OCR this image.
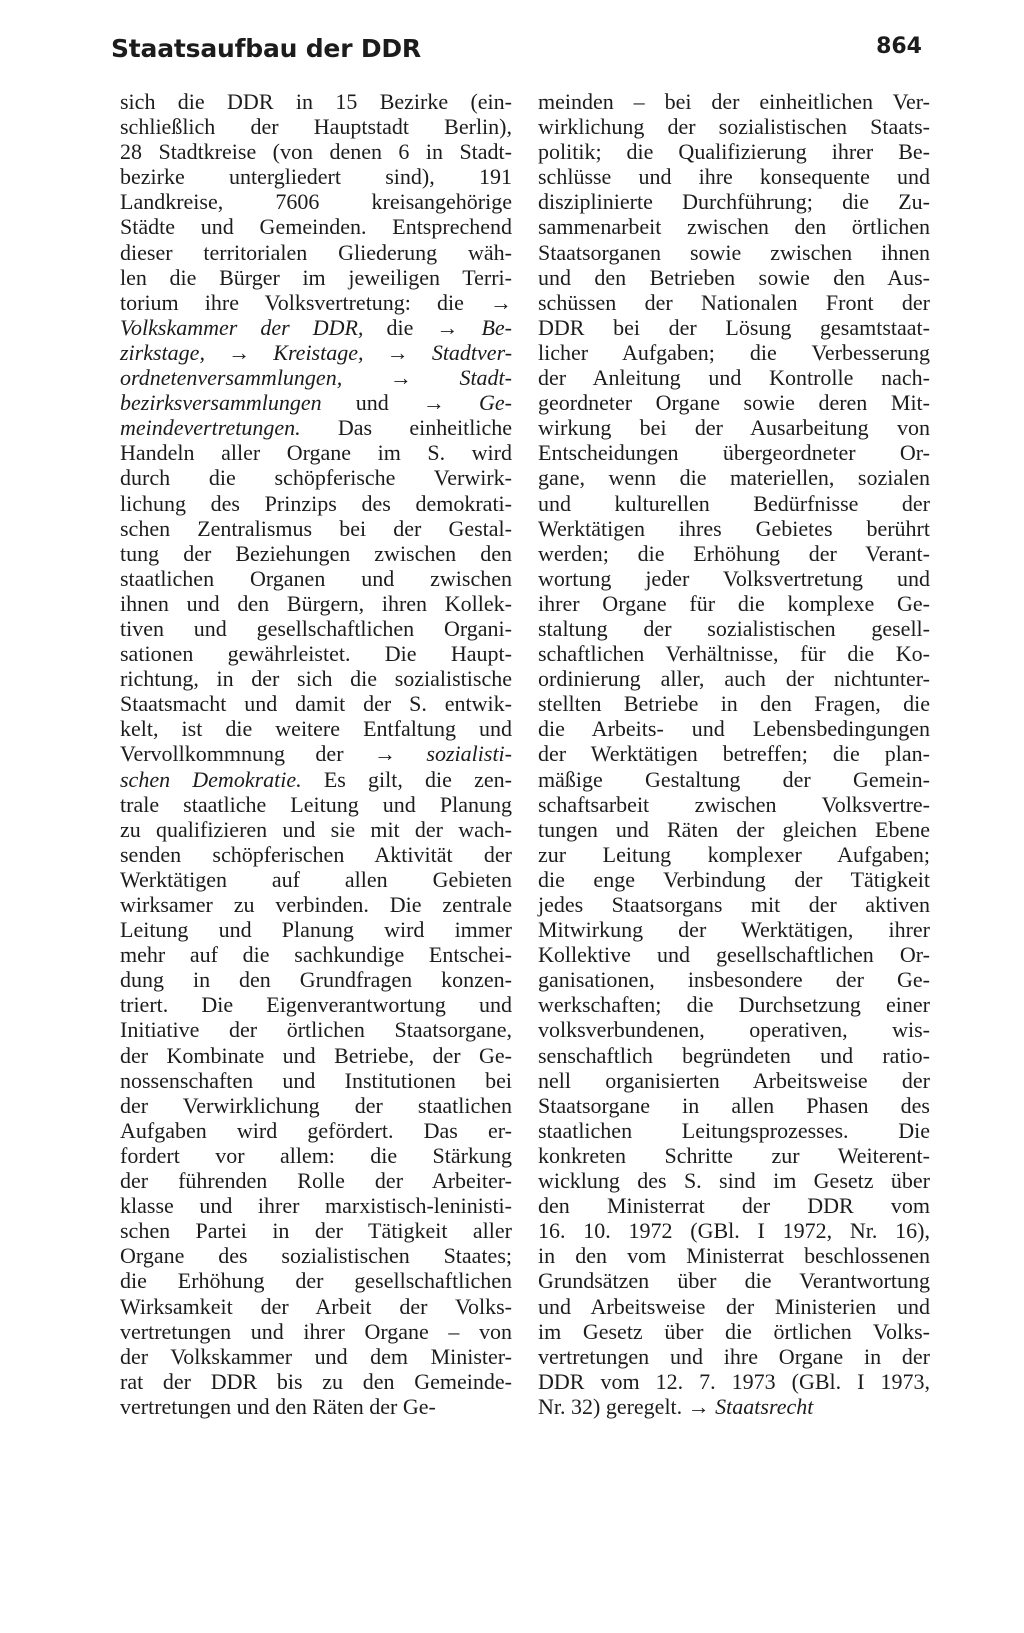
Staatsaufbau der DDR	864
sich die DDR in 15 Bezirke (ein-
schließlich der Hauptstadt Berlin),
28 Stadtkreise (von denen 6 in Stadt-
bezirke untergliedert sind), 191
Landkreise, 7606 kreisangehörige
Städte und Gemeinden. Entsprechend
dieser territorialen Gliederung wäh-
len die Bürger im jeweiligen Terri-
torium ihre Volksvertretung: die →
Volkskammer der DDR, die → Be-
zirkstage, → Kreistage, → Stadtver-
ordnetenversammlungen, → Stadt-
bezirksversammlungen und → Ge-
meindevertretungen. Das einheitliche
Handeln aller Organe im S. wird
durch die schöpferische Verwirk-
lichung des Prinzips des demokrati-
schen Zentralismus bei der Gestal-
tung der Beziehungen zwischen den
staatlichen Organen und zwischen
ihnen und den Bürgern, ihren Kollek-
tiven und gesellschaftlichen Organi-
sationen gewährleistet. Die Haupt-
richtung, in der sich die sozialistische
Staatsmacht und damit der S. entwik-
kelt, ist die weitere Entfaltung und
Vervollkommnung der → sozialisti-
schen Demokratie. Es gilt, die zen-
trale staatliche Leitung und Planung
zu qualifizieren und sie mit der wach-
senden schöpferischen Aktivität der
Werktätigen auf allen Gebieten
wirksamer zu verbinden. Die zentrale
Leitung und Planung wird immer
mehr auf die sachkundige Entschei-
dung in den Grundfragen konzen-
triert. Die Eigenverantwortung und
Initiative der örtlichen Staatsorgane,
der Kombinate und Betriebe, der Ge-
nossenschaften und Institutionen bei
der Verwirklichung der staatlichen
Aufgaben wird gefördert. Das er-
fordert vor allem: die Stärkung
der führenden Rolle der Arbeiter-
klasse und ihrer marxistisch-leninisti-
schen Partei in der Tätigkeit aller
Organe des sozialistischen Staates;
die Erhöhung der gesellschaftlichen
Wirksamkeit der Arbeit der Volks-
vertretungen und ihrer Organe – von
der Volkskammer und dem Minister-
rat der DDR bis zu den Gemeinde-
vertretungen und den Räten der Ge-
meinden – bei der einheitlichen Ver-
wirklichung der sozialistischen Staats-
politik; die Qualifizierung ihrer Be-
schlüsse und ihre konsequente und
disziplinierte Durchführung; die Zu-
sammenarbeit zwischen den örtlichen
Staatsorganen sowie zwischen ihnen
und den Betrieben sowie den Aus-
schüssen der Nationalen Front der
DDR bei der Lösung gesamtstaat-
licher Aufgaben; die Verbesserung
der Anleitung und Kontrolle nach-
geordneter Organe sowie deren Mit-
wirkung bei der Ausarbeitung von
Entscheidungen übergeordneter Or-
gane, wenn die materiellen, sozialen
und kulturellen Bedürfnisse der
Werktätigen ihres Gebietes berührt
werden; die Erhöhung der Verant-
wortung jeder Volksvertretung und
ihrer Organe für die komplexe Ge-
staltung der sozialistischen gesell-
schaftlichen Verhältnisse, für die Ko-
ordinierung aller, auch der nichtunter-
stellten Betriebe in den Fragen, die
die Arbeits- und Lebensbedingungen
der Werktätigen betreffen; die plan-
mäßige Gestaltung der Gemein-
schaftsarbeit zwischen Volksvertre-
tungen und Räten der gleichen Ebene
zur Leitung komplexer Aufgaben;
die enge Verbindung der Tätigkeit
jedes Staatsorgans mit der aktiven
Mitwirkung der Werktätigen, ihrer
Kollektive und gesellschaftlichen Or-
ganisationen, insbesondere der Ge-
werkschaften; die Durchsetzung einer
volksverbundenen, operativen, wis-
senschaftlich begründeten und ratio-
nell organisierten Arbeitsweise der
Staatsorgane in allen Phasen des
staatlichen Leitungsprozesses. Die
konkreten Schritte zur Weiterent-
wicklung des S. sind im Gesetz über
den Ministerrat der DDR vom
16. 10. 1972 (GBl. I 1972, Nr. 16),
in den vom Ministerrat beschlossenen
Grundsätzen über die Verantwortung
und Arbeitsweise der Ministerien und
im Gesetz über die örtlichen Volks-
vertretungen und ihre Organe in der
DDR vom 12. 7. 1973 (GBl. I 1973,
Nr. 32) geregelt. → Staatsrecht
